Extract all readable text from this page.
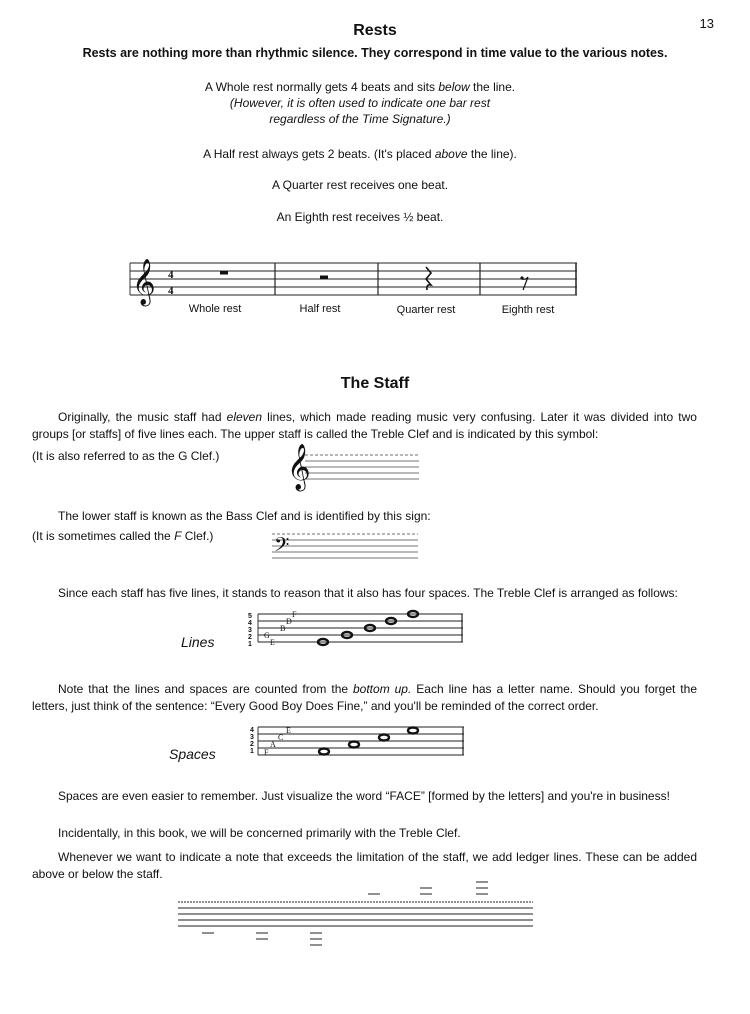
13
Rests
Rests are nothing more than rhythmic silence. They correspond in time value to the various notes.
A Whole rest normally gets 4 beats and sits below the line.
(However, it is often used to indicate one bar rest
regardless of the Time Signature.)
A Half rest always gets 2 beats. (It's placed above the line).
A Quarter rest receives one beat.
An Eighth rest receives ½ beat.
𝄞 4
4
Whole rest	Half rest	Quarter rest	Eighth rest
The Staff
Originally, the music staff had eleven lines, which made reading music very confusing. Later it was divided into two groups [or staffs] of five lines each. The upper staff is called the Treble Clef and is indicated by this symbol:
(It is also referred to as the G Clef.) 𝄞
The lower staff is known as the Bass Clef and is identified by this sign:
(It is sometimes called the F Clef.)	𝄢
Since each staff has five lines, it stands to reason that it also has four spaces. The Treble Clef is arranged as follows:
Lines
5
4
3
2
1
F
D
B
E
G
Note that the lines and spaces are counted from the bottom up. Each line has a letter name. Should you forget the letters, just think of the sentence: “Every Good Boy Does Fine,” and you'll be reminded of the correct order.
Spaces
4
3
2
1
E
C
A
F
Spaces are even easier to remember. Just visualize the word “FACE” [formed by the letters] and you're in business!
Incidentally, in this book, we will be concerned primarily with the Treble Clef.
Whenever we want to indicate a note that exceeds the limitation of the staff, we add ledger lines. These can be added above or below the staff.
